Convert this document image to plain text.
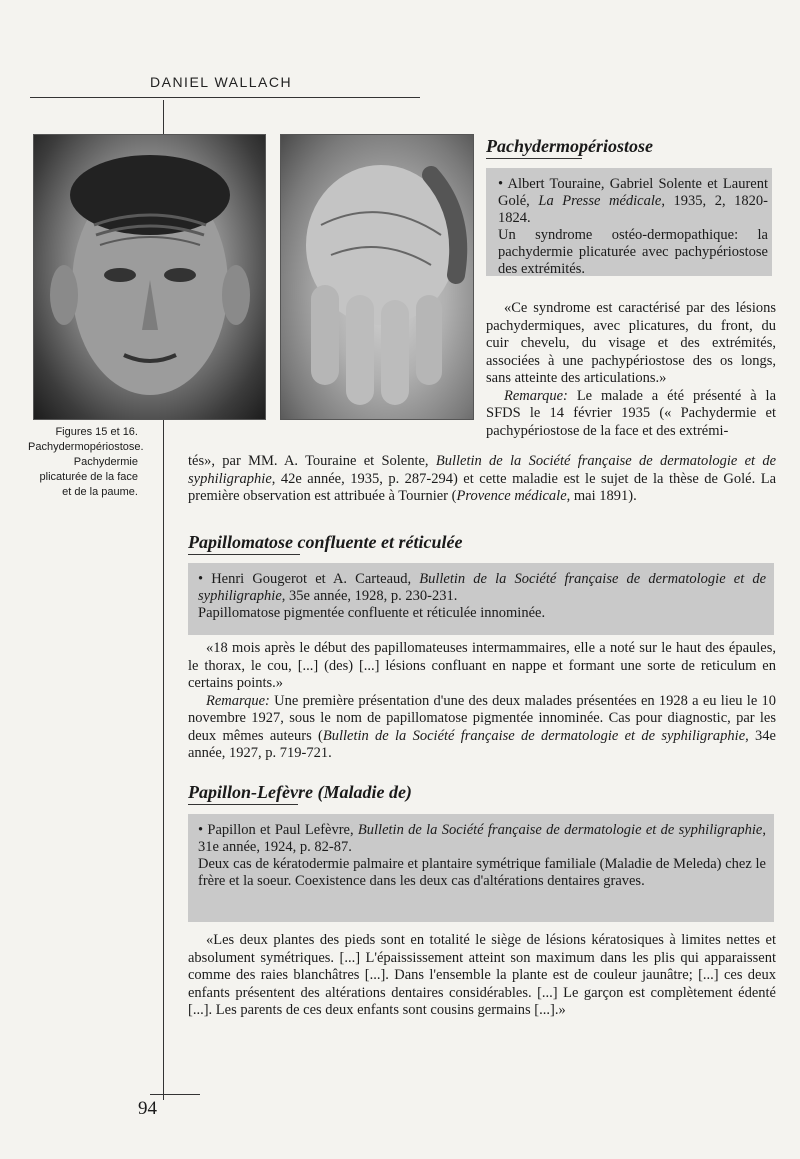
DANIEL WALLACH
Figures 15 et 16. Pachydermopériostose. Pachydermie plicaturée de la face et de la paume.
Pachydermopériostose
• Albert Touraine, Gabriel Solente et Laurent Golé, La Presse médicale, 1935, 2, 1820-1824.
Un syndrome ostéo-dermopathique: la pachydermie plicaturée avec pachypériostose des extrémités.

«Ce syndrome est caractérisé par des lésions pachydermiques, avec plicatures, du front, du cuir chevelu, du visage et des extrémités, associées à une pachypériostose des os longs, sans atteinte des articulations.»

Remarque: Le malade a été présenté à la SFDS le 14 février 1935 (« Pachydermie et pachypériostose de la face et des extrémi-

tés», par MM. A. Touraine et Solente, Bulletin de la Société française de dermatologie et de syphiligraphie, 42e année, 1935, p. 287-294) et cette maladie est le sujet de la thèse de Golé. La première observation est attribuée à Tournier (Provence médicale, mai 1891).

Papillomatose confluente et réticulée
• Henri Gougerot et A. Carteaud, Bulletin de la Société française de dermatologie et de syphiligraphie, 35e année, 1928, p. 230-231.
Papillomatose pigmentée confluente et réticulée innominée.

«18 mois après le début des papillomateuses intermammaires, elle a noté sur le haut des épaules, le thorax, le cou, [...] (des) [...] lésions confluant en nappe et formant une sorte de reticulum en certains points.»

Remarque: Une première présentation d'une des deux malades présentées en 1928 a eu lieu le 10 novembre 1927, sous le nom de papillomatose pigmentée innominée. Cas pour diagnostic, par les deux mêmes auteurs (Bulletin de la Société française de dermatologie et de syphiligraphie, 34e année, 1927, p. 719-721.

Papillon-Lefèvre (Maladie de)
• Papillon et Paul Lefèvre, Bulletin de la Société française de dermatologie et de syphiligraphie, 31e année, 1924, p. 82-87.
Deux cas de kératodermie palmaire et plantaire symétrique familiale (Maladie de Meleda) chez le frère et la soeur. Coexistence dans les deux cas d'altérations dentaires graves.

«Les deux plantes des pieds sont en totalité le siège de lésions kératosiques à limites nettes et absolument symétriques. [...] L'épaississement atteint son maximum dans les plis qui apparaissent comme des raies blanchâtres [...]. Dans l'ensemble la plante est de couleur jaunâtre; [...] ces deux enfants présentent des altérations dentaires considérables. [...] Le garçon est complètement édenté [...]. Les parents de ces deux enfants sont cousins germains [...].»

94
